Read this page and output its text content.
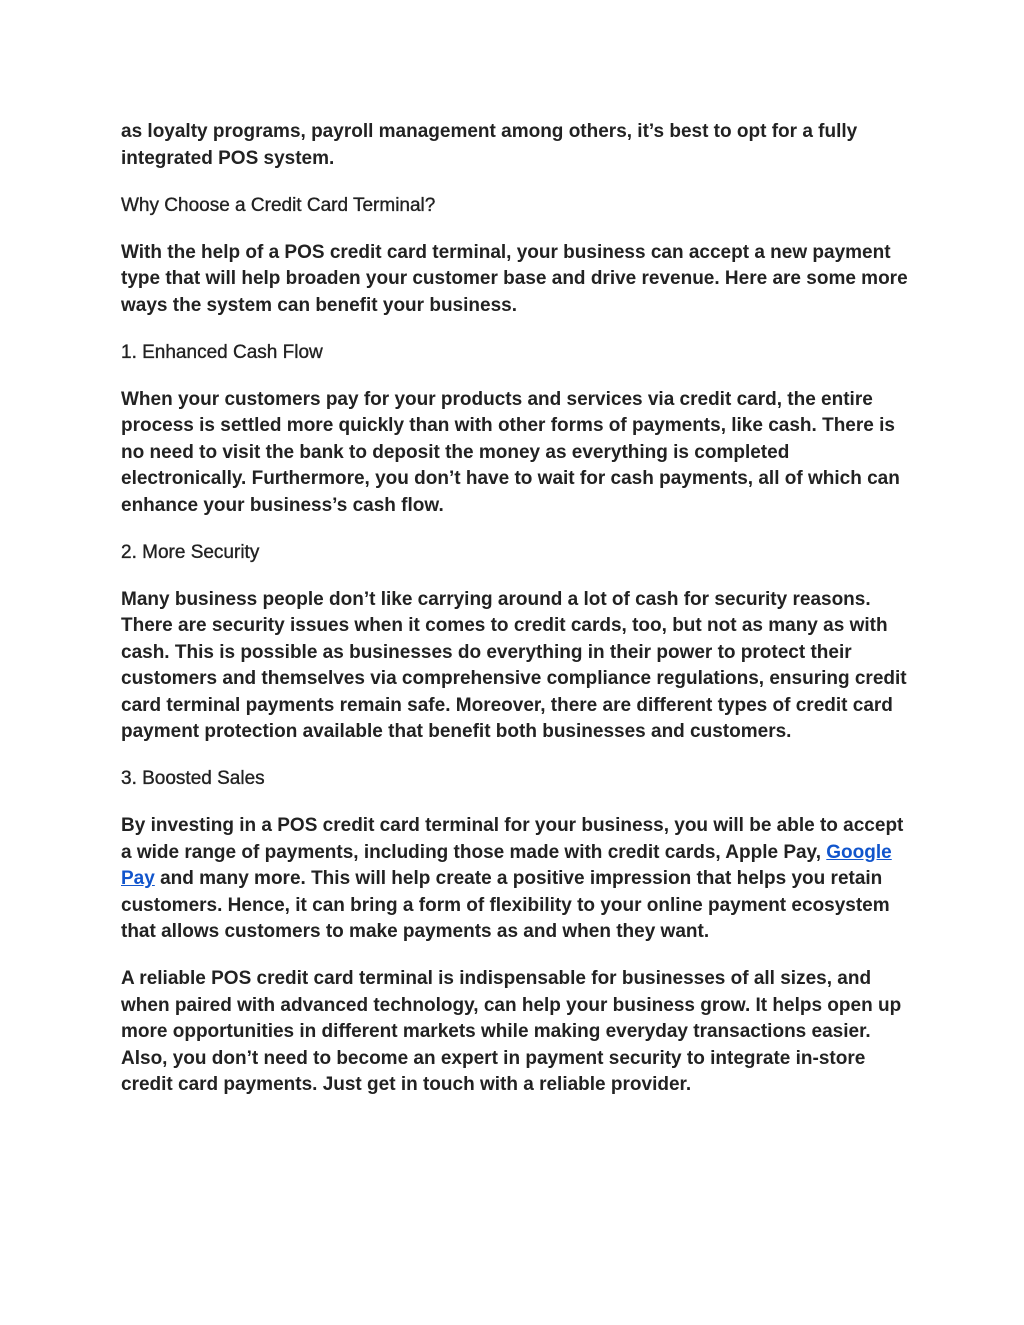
as loyalty programs, payroll management among others, it’s best to opt for a fully integrated POS system.

Why Choose a Credit Card Terminal?

With the help of a POS credit card terminal, your business can accept a new payment type that will help broaden your customer base and drive revenue. Here are some more ways the system can benefit your business.

1. Enhanced Cash Flow

When your customers pay for your products and services via credit card, the entire process is settled more quickly than with other forms of payments, like cash. There is no need to visit the bank to deposit the money as everything is completed electronically. Furthermore, you don’t have to wait for cash payments, all of which can enhance your business’s cash flow.

2. More Security

Many business people don’t like carrying around a lot of cash for security reasons. There are security issues when it comes to credit cards, too, but not as many as with cash. This is possible as businesses do everything in their power to protect their customers and themselves via comprehensive compliance regulations, ensuring credit card terminal payments remain safe. Moreover, there are different types of credit card payment protection available that benefit both businesses and customers.

3. Boosted Sales

By investing in a POS credit card terminal for your business, you will be able to accept a wide range of payments, including those made with credit cards, Apple Pay, Google Pay and many more. This will help create a positive impression that helps you retain customers. Hence, it can bring a form of flexibility to your online payment ecosystem that allows customers to make payments as and when they want.

A reliable POS credit card terminal is indispensable for businesses of all sizes, and when paired with advanced technology, can help your business grow. It helps open up more opportunities in different markets while making everyday transactions easier. Also, you don’t need to become an expert in payment security to integrate in-store credit card payments. Just get in touch with a reliable provider.
